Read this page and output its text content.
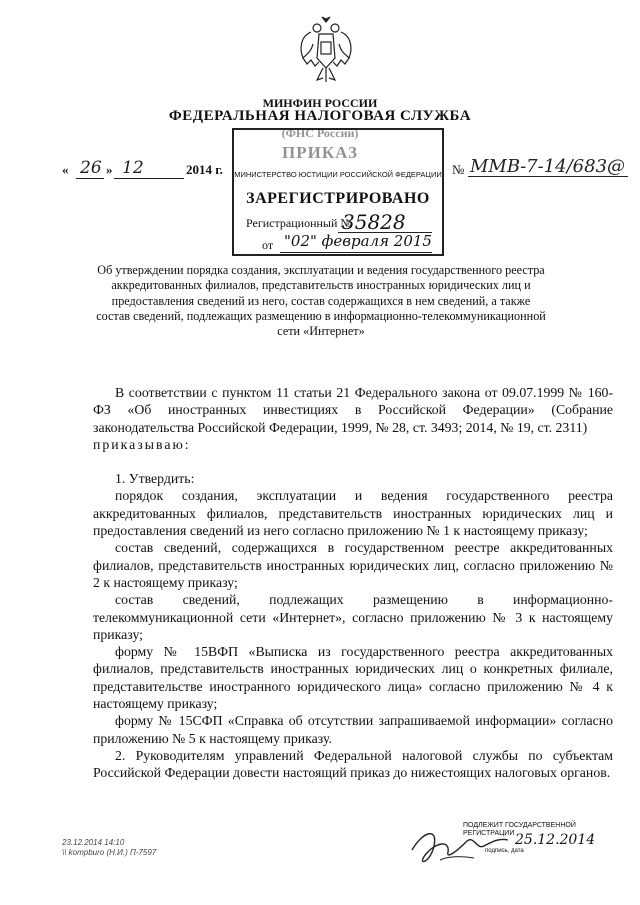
МИНФИН РОССИИ
ФЕДЕРАЛЬНАЯ НАЛОГОВАЯ СЛУЖБА
« 26 » 12	2014 г.	№ ММВ-7-14/683@
МИНИСТЕРСТВО ЮСТИЦИИ РОССИЙСКОЙ ФЕДЕРАЦИИ
ЗАРЕГИСТРИРОВАНО
Регистрационный №
35828
от "02" февраля 2015
Об утверждении порядка создания, эксплуатации и ведения государственного реестра аккредитованных филиалов, представительств иностранных юридических лиц и предоставления сведений из него, состав содержащихся в нем сведений, а также состав сведений, подлежащих размещению в информационно-телекоммуникационной сети «Интернет»

В соответствии с пунктом 11 статьи 21 Федерального закона от 09.07.1999 № 160-ФЗ «Об иностранных инвестициях в Российской Федерации» (Собрание законодательства Российской Федерации, 1999, № 28, ст. 3493; 2014, № 19, ст. 2311)

приказываю:

1. Утвердить:

порядок создания, эксплуатации и ведения государственного реестра аккредитованных филиалов, представительств иностранных юридических лиц и предоставления сведений из него согласно приложению № 1 к настоящему приказу;

состав сведений, содержащихся в государственном реестре аккредитованных филиалов, представительств иностранных юридических лиц, согласно приложению № 2 к настоящему приказу;

состав сведений, подлежащих размещению в информационно-телекоммуникационной сети «Интернет», согласно приложению № 3 к настоящему приказу;

форму № 15ВФП «Выписка из государственного реестра аккредитованных филиалов, представительств иностранных юридических лиц о конкретных филиале, представительстве иностранного юридического лица» согласно приложению № 4 к настоящему приказу;

форму № 15СФП «Справка об отсутствии запрашиваемой информации» согласно приложению № 5 к настоящему приказу.

2. Руководителям управлений Федеральной налоговой службы по субъектам Российской Федерации довести настоящий приказ до нижестоящих налоговых органов.

23.12.2014 14:10
\\ kompburo (Н.И.) П-7597
ПОДЛЕЖИТ ГОСУДАРСТВЕННОЙ РЕГИСТРАЦИИ 25.12.2014
подпись, дата
